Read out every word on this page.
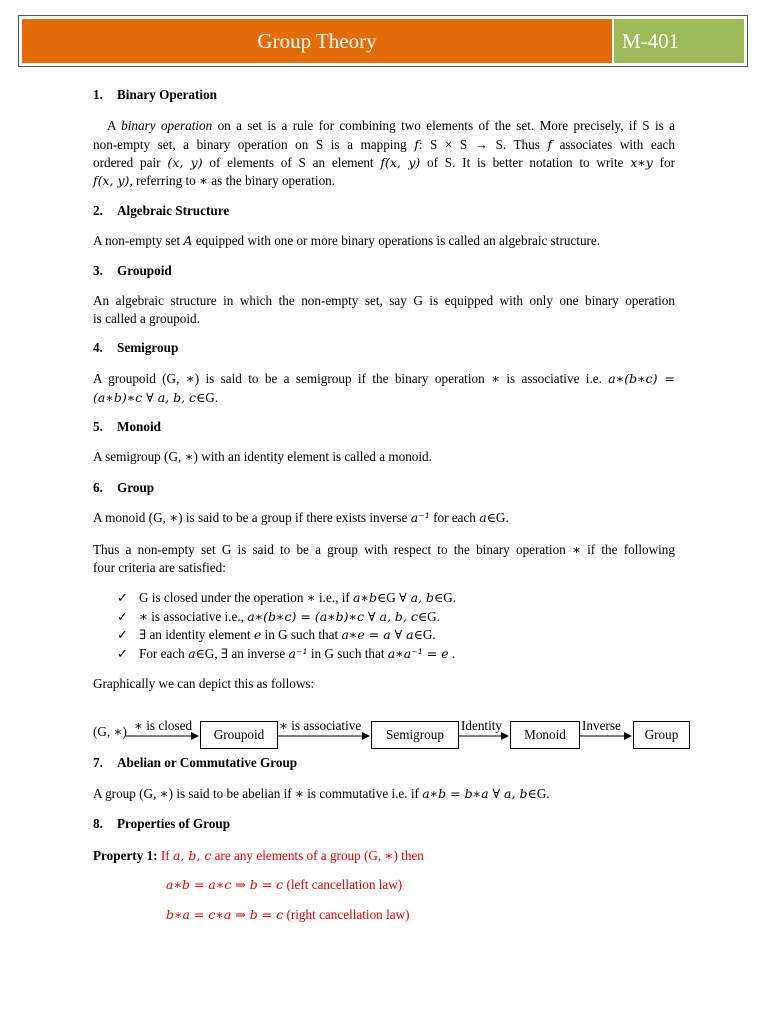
Group Theory	M-401
1. Binary Operation
A binary operation on a set is a rule for combining two elements of the set. More precisely, if S is a
non-empty set, a binary operation on S is a mapping f: S × S → S. Thus f associates with each
ordered pair (x, y) of elements of S an element f(x, y) of S. It is better notation to write x∗y for
f(x, y), referring to ∗ as the binary operation.
2. Algebraic Structure
A non-empty set A equipped with one or more binary operations is called an algebraic structure.
3. Groupoid
An algebraic structure in which the non-empty set, say G is equipped with only one binary operation
is called a groupoid.
4. Semigroup
A groupoid (G, ∗) is said to be a semigroup if the binary operation ∗ is associative i.e. a∗(b∗c) =
(a∗b)∗c ∀ a, b, c∈G.
5. Monoid
A semigroup (G, ∗) with an identity element is called a monoid.
6. Group
A monoid (G, ∗) is said to be a group if there exists inverse a⁻¹ for each a∈G.
Thus a non-empty set G is said to be a group with respect to the binary operation ∗ if the following
four criteria are satisfied:
✓ G is closed under the operation ∗ i.e., if a∗b∈G ∀ a, b∈G.
✓ ∗ is associative i.e., a∗(b∗c) = (a∗b)∗c ∀ a, b, c∈G.
✓ ∃ an identity element e in G such that a∗e = a ∀ a∈G.
✓ For each a∈G, ∃ an inverse a⁻¹ in G such that a∗a⁻¹ = e .
Graphically we can depict this as follows:
(G, ∗) ∗ is closed
Groupoid
∗ is associative
Semigroup
Identity
Monoid
Inverse
Group
7. Abelian or Commutative Group
A group (G, ∗) is said to be abelian if ∗ is commutative i.e. if a∗b = b∗a ∀ a, b∈G.
8. Properties of Group
Property 1: If a, b, c are any elements of a group (G, ∗) then
a∗b = a∗c ⇒ b = c (left cancellation law)
b∗a = c∗a ⇒ b = c (right cancellation law)
